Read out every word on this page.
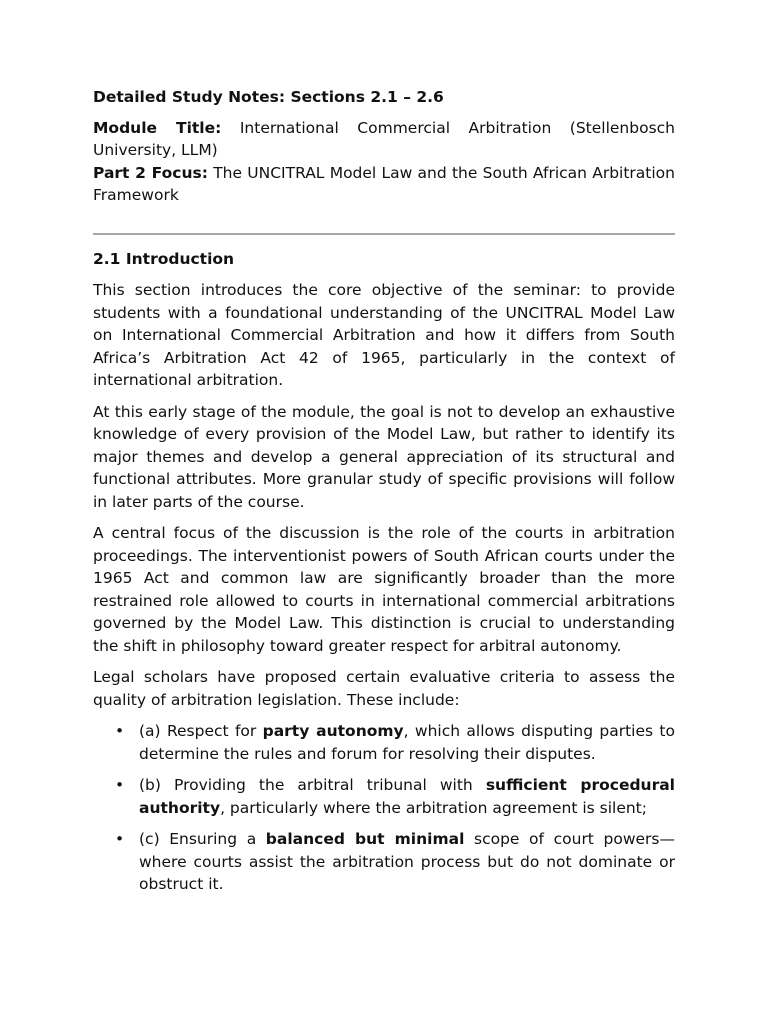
Detailed Study Notes: Sections 2.1 – 2.6

Module Title: International Commercial Arbitration (Stellenbosch University, LLM)

Part 2 Focus: The UNCITRAL Model Law and the South African Arbitration Framework

2.1 Introduction

This section introduces the core objective of the seminar: to provide students with a foundational understanding of the UNCITRAL Model Law on International Commercial Arbitration and how it differs from South Africa’s Arbitration Act 42 of 1965, particularly in the context of international arbitration.

At this early stage of the module, the goal is not to develop an exhaustive knowledge of every provision of the Model Law, but rather to identify its major themes and develop a general appreciation of its structural and functional attributes. More granular study of specific provisions will follow in later parts of the course.

A central focus of the discussion is the role of the courts in arbitration proceedings. The interventionist powers of South African courts under the 1965 Act and common law are significantly broader than the more restrained role allowed to courts in international commercial arbitrations governed by the Model Law. This distinction is crucial to understanding the shift in philosophy toward greater respect for arbitral autonomy.

Legal scholars have proposed certain evaluative criteria to assess the quality of arbitration legislation. These include:

• (a) Respect for party autonomy, which allows disputing parties to determine the rules and forum for resolving their disputes.
• (b) Providing the arbitral tribunal with sufficient procedural authority, particularly where the arbitration agreement is silent;
• (c) Ensuring a balanced but minimal scope of court powers—where courts assist the arbitration process but do not dominate or obstruct it.
